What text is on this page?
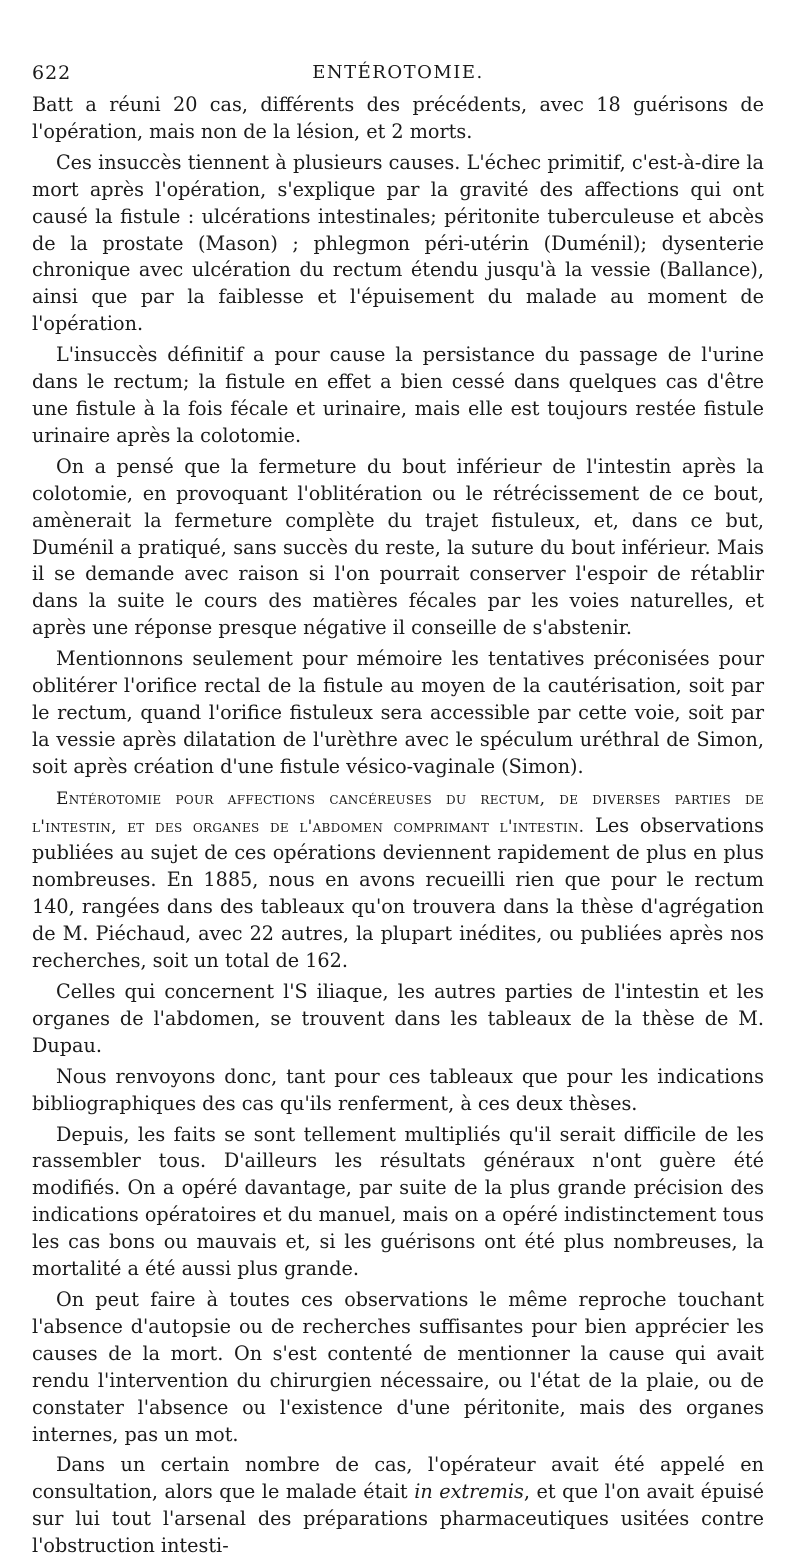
622	ENTÉROTOMIE.

Batt a réuni 20 cas, différents des précédents, avec 18 guérisons de l'opération, mais non de la lésion, et 2 morts.

Ces insuccès tiennent à plusieurs causes. L'échec primitif, c'est-à-dire la mort après l'opération, s'explique par la gravité des affections qui ont causé la fistule : ulcérations intestinales; péritonite tuberculeuse et abcès de la prostate (Mason) ; phlegmon péri-utérin (Duménil); dysenterie chronique avec ulcération du rectum étendu jusqu'à la vessie (Ballance), ainsi que par la faiblesse et l'épuisement du malade au moment de l'opération.

L'insuccès définitif a pour cause la persistance du passage de l'urine dans le rectum; la fistule en effet a bien cessé dans quelques cas d'être une fistule à la fois fécale et urinaire, mais elle est toujours restée fistule urinaire après la colotomie.

On a pensé que la fermeture du bout inférieur de l'intestin après la colotomie, en provoquant l'oblitération ou le rétrécissement de ce bout, amènerait la fermeture complète du trajet fistuleux, et, dans ce but, Duménil a pratiqué, sans succès du reste, la suture du bout inférieur. Mais il se demande avec raison si l'on pourrait conserver l'espoir de rétablir dans la suite le cours des matières fécales par les voies naturelles, et après une réponse presque négative il conseille de s'abstenir.

Mentionnons seulement pour mémoire les tentatives préconisées pour oblitérer l'orifice rectal de la fistule au moyen de la cautérisation, soit par le rectum, quand l'orifice fistuleux sera accessible par cette voie, soit par la vessie après dilatation de l'urèthre avec le spéculum uréthral de Simon, soit après création d'une fistule vésico-vaginale (Simon).

Entérotomie pour affections cancéreuses du rectum, de diverses parties de l'intestin, et des organes de l'abdomen comprimant l'intestin. Les observations publiées au sujet de ces opérations deviennent rapidement de plus en plus nombreuses. En 1885, nous en avons recueilli rien que pour le rectum 140, rangées dans des tableaux qu'on trouvera dans la thèse d'agrégation de M. Piéchaud, avec 22 autres, la plupart inédites, ou publiées après nos recherches, soit un total de 162.

Celles qui concernent l'S iliaque, les autres parties de l'intestin et les organes de l'abdomen, se trouvent dans les tableaux de la thèse de M. Dupau.

Nous renvoyons donc, tant pour ces tableaux que pour les indications bibliographiques des cas qu'ils renferment, à ces deux thèses.

Depuis, les faits se sont tellement multipliés qu'il serait difficile de les rassembler tous. D'ailleurs les résultats généraux n'ont guère été modifiés. On a opéré davantage, par suite de la plus grande précision des indications opératoires et du manuel, mais on a opéré indistinctement tous les cas bons ou mauvais et, si les guérisons ont été plus nombreuses, la mortalité a été aussi plus grande.

On peut faire à toutes ces observations le même reproche touchant l'absence d'autopsie ou de recherches suffisantes pour bien apprécier les causes de la mort. On s'est contenté de mentionner la cause qui avait rendu l'intervention du chirurgien nécessaire, ou l'état de la plaie, ou de constater l'absence ou l'existence d'une péritonite, mais des organes internes, pas un mot.

Dans un certain nombre de cas, l'opérateur avait été appelé en consultation, alors que le malade était in extremis, et que l'on avait épuisé sur lui tout l'arsenal des préparations pharmaceutiques usitées contre l'obstruction intesti-
